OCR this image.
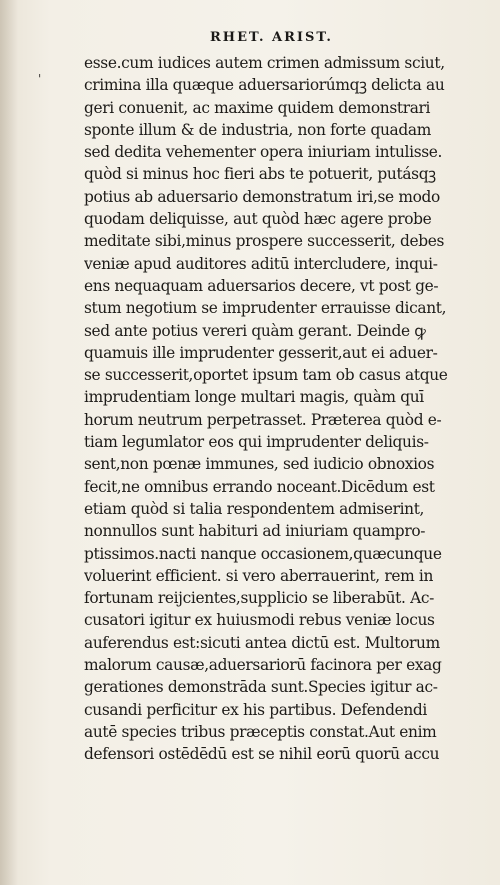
RHET. ARIST.
'
esse.cum iudices autem crimen admissum sciut,
crimina illa quæque aduersariorúmqꝫ delicta au
geri conuenit, ac maxime quidem demonstrari
sponte illum & de industria, non forte quadam
sed dedita vehementer opera iniuriam intulisse.
quòd si minus hoc fieri abs te potuerit, putásqꝫ
potius ab aduersario demonstratum iri,se modo
quodam deliquisse, aut quòd hæc agere probe
meditate sibi,minus prospere successerit, debes
veniæ apud auditores aditū intercludere, inqui-
ens nequaquam aduersarios decere, vt post ge-
stum negotium se imprudenter errauisse dicant,
sed ante potius vereri quàm gerant. Deinde ꝙ
quamuis ille imprudenter gesserit,aut ei aduer-
se successerit,oportet ipsum tam ob casus atque
imprudentiam longe multari magis, quàm quī
horum neutrum perpetrasset. Præterea quòd e-
tiam legumlator eos qui imprudenter deliquis-
sent,non pœnæ immunes, sed iudicio obnoxios
fecit,ne omnibus errando noceant.Dicēdum est
etiam quòd si talia respondentem admiserint,
nonnullos sunt habituri ad iniuriam quampro-
ptissimos.nacti nanque occasionem,quæcunque
voluerint efficient. si vero aberrauerint, rem in
fortunam reijcientes,supplicio se liberabūt. Ac-
cusatori igitur ex huiusmodi rebus veniæ locus
auferendus est:sicuti antea dictū est. Multorum
malorum causæ,aduersariorū facinora per exag
gerationes demonstrāda sunt.Species igitur ac-
cusandi perficitur ex his partibus. Defendendi
autē species tribus præceptis constat.Aut enim
defensori ostēdēdū est se nihil eorū quorū accu
